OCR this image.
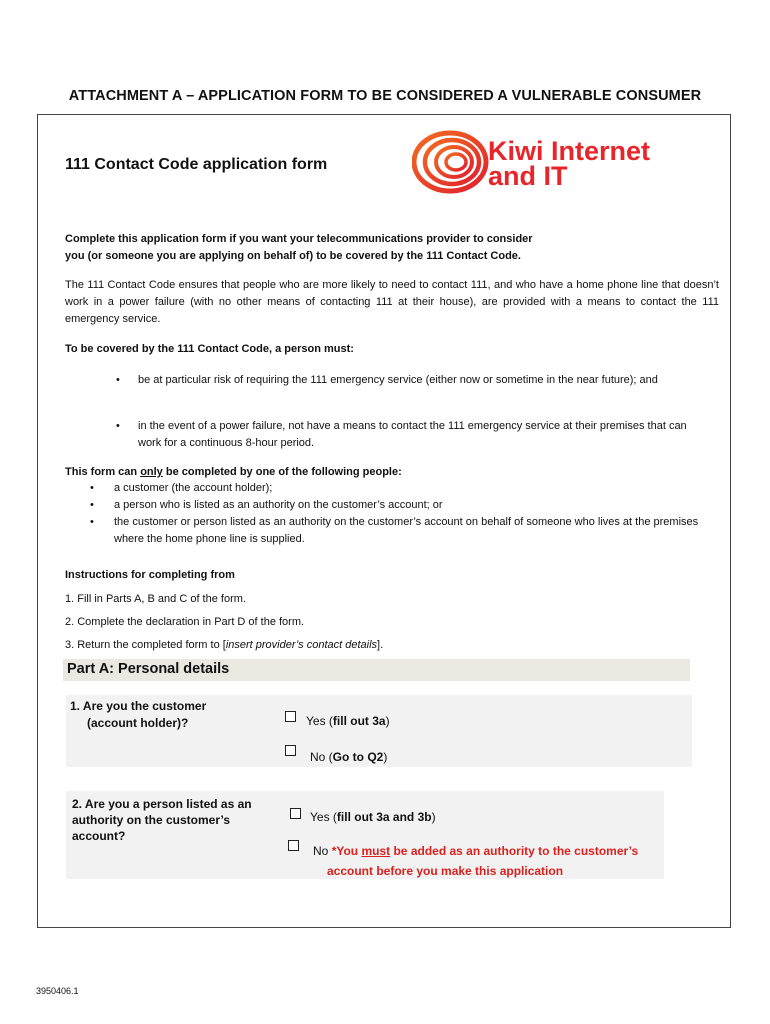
ATTACHMENT A – APPLICATION FORM TO BE CONSIDERED A VULNERABLE CONSUMER
111 Contact Code application form	Kiwi Internet
and IT
Complete this application form if you want your telecommunications provider to consider you (or someone you are applying on behalf of) to be covered by the 111 Contact Code.
The 111 Contact Code ensures that people who are more likely to need to contact 111, and who have a home phone line that doesn’t work in a power failure (with no other means of contacting 111 at their house), are provided with a means to contact the 111 emergency service.
To be covered by the 111 Contact Code, a person must:
• be at particular risk of requiring the 111 emergency service (either now or sometime in the near future); and
• in the event of a power failure, not have a means to contact the 111 emergency service at their premises that can work for a continuous 8-hour period.
This form can only be completed by one of the following people:
• a customer (the account holder);
• a person who is listed as an authority on the customer’s account; or
• the customer or person listed as an authority on the customer’s account on behalf of someone who lives at the premises where the home phone line is supplied.
Instructions for completing from
1. Fill in Parts A, B and C of the form.
2. Complete the declaration in Part D of the form.
3. Return the completed form to [insert provider’s contact details].
Part A: Personal details
1. Are you the customer
(account holder)?	Yes (fill out 3a)
No (Go to Q2)
2. Are you a person listed as an authority on the customer’s account?
Yes (fill out 3a and 3b)
No *You must be added as an authority to the customer’s
account before you make this application
3950406.1
